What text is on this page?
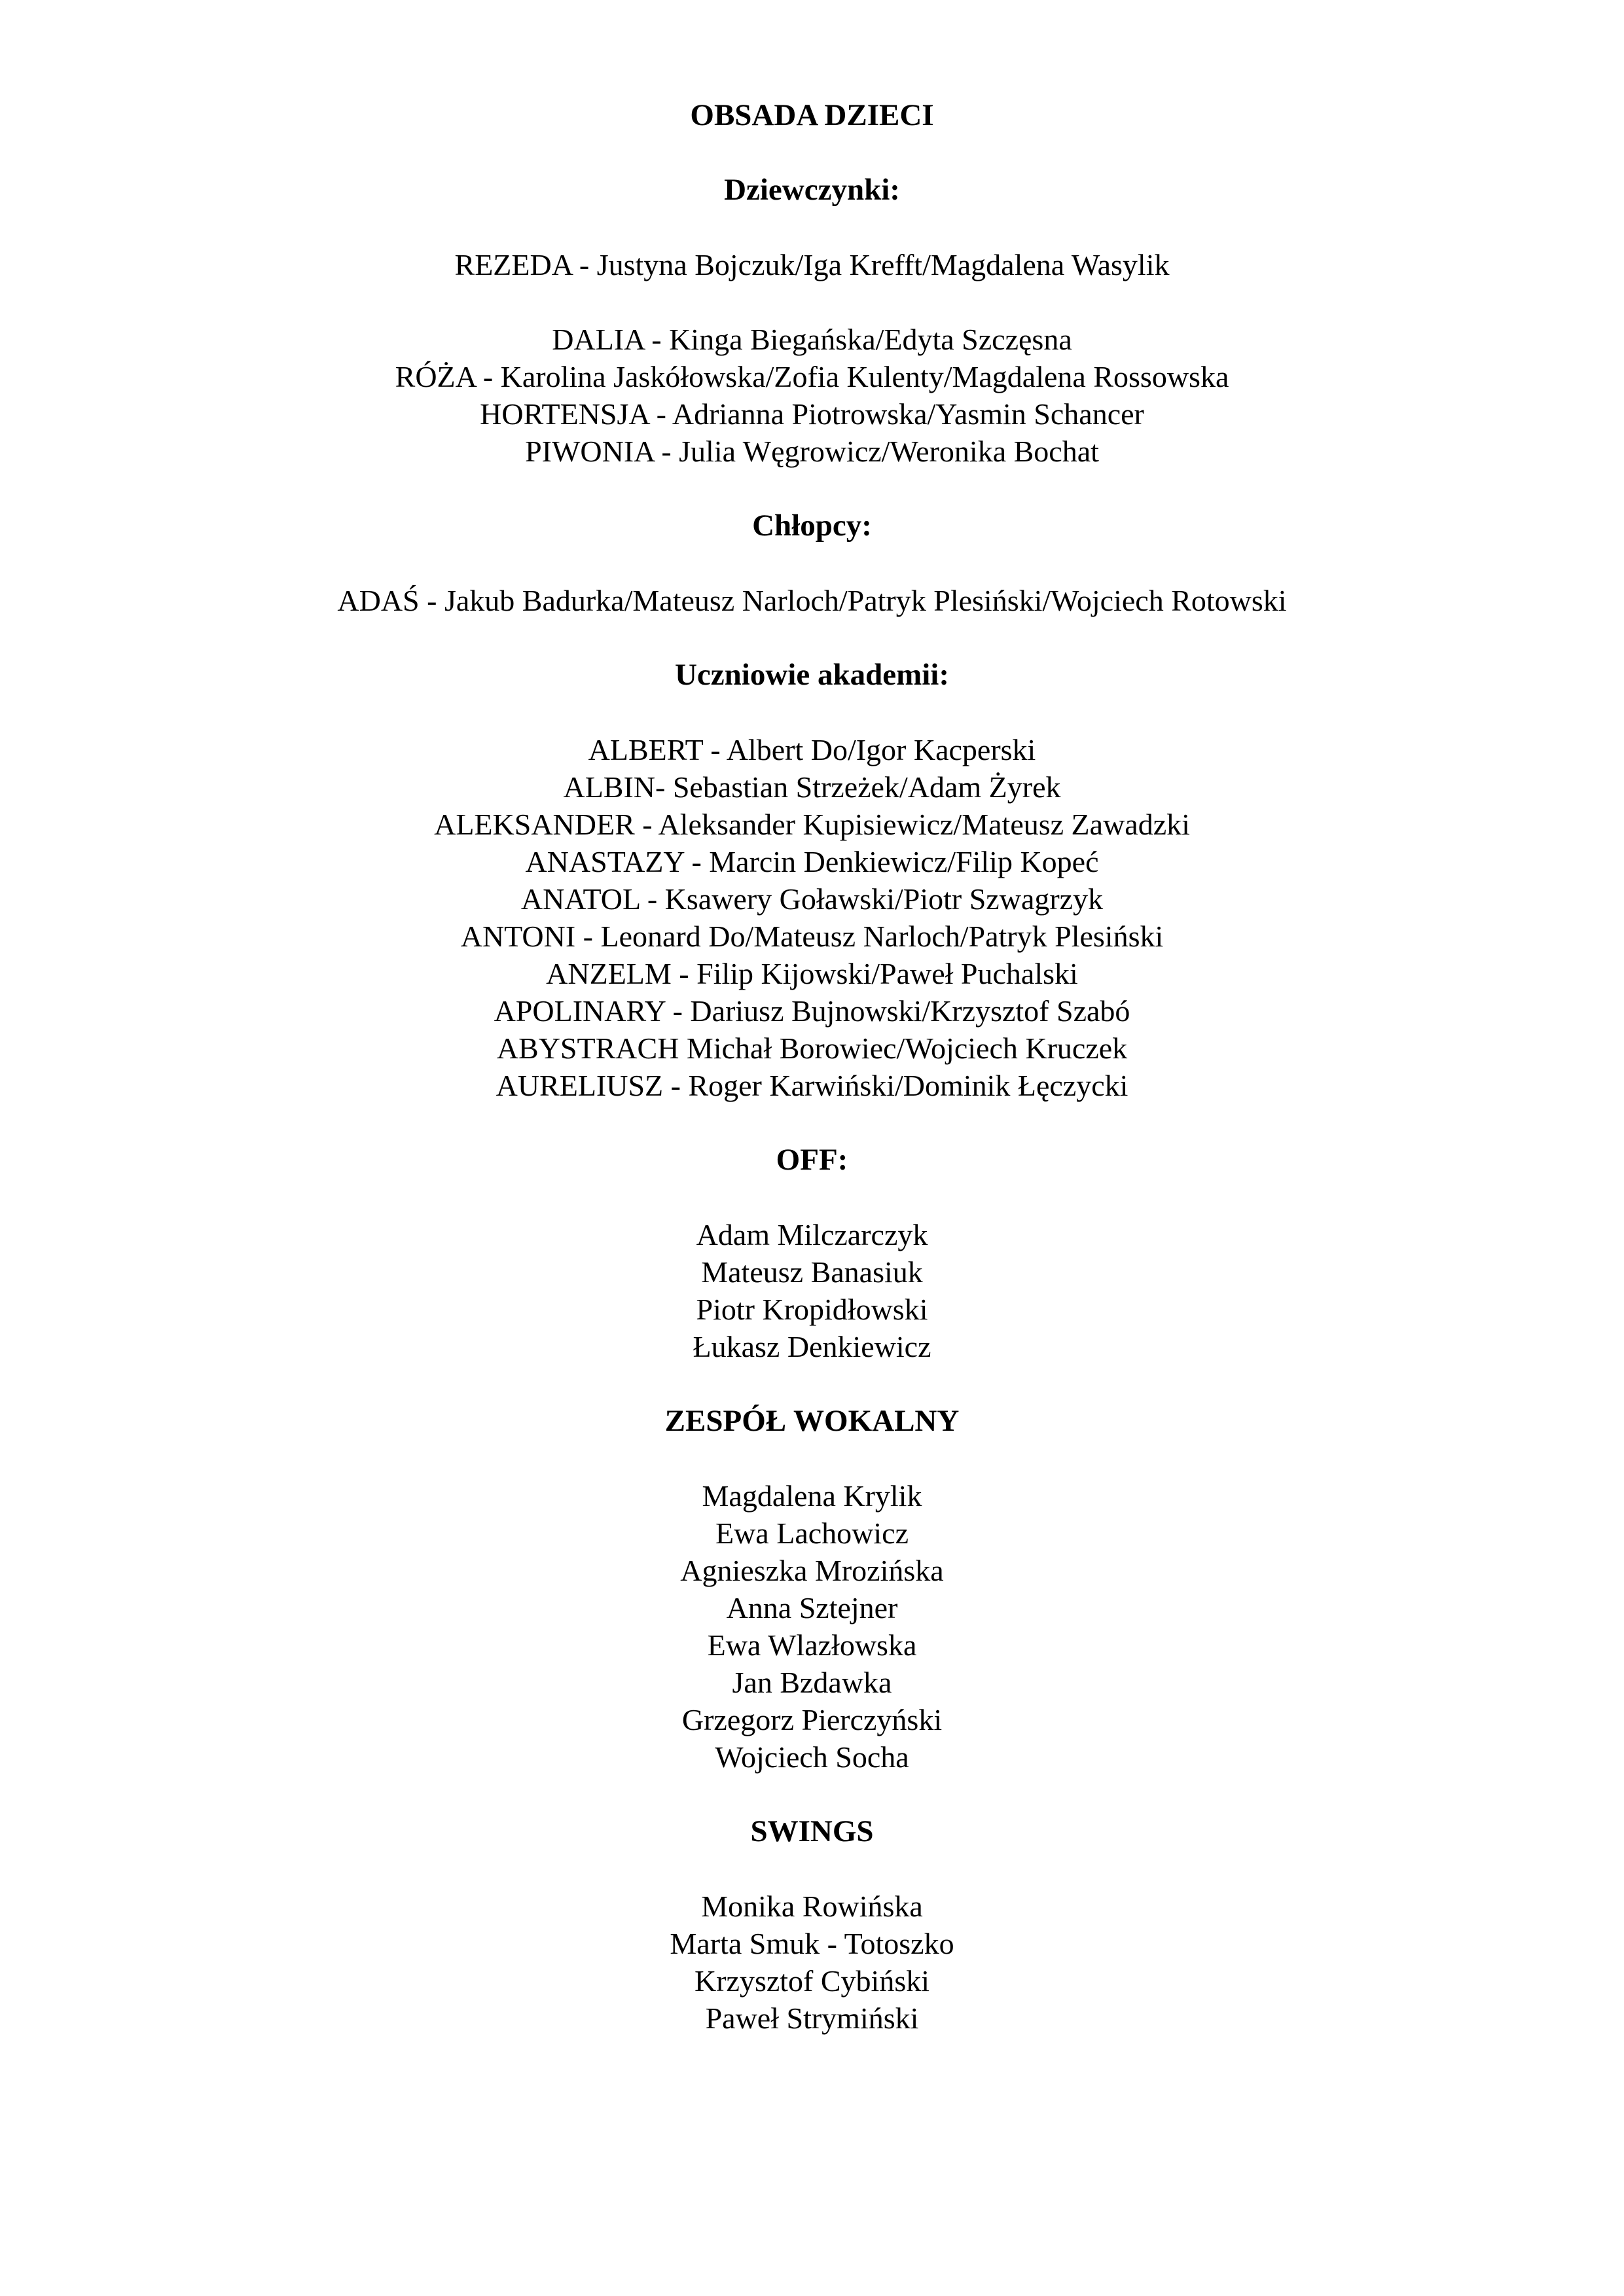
OBSADA DZIECI
Dziewczynki:
REZEDA - Justyna Bojczuk/Iga Krefft/Magdalena Wasylik
DALIA - Kinga Biegańska/Edyta Szczęsna
RÓŻA - Karolina Jaskółowska/Zofia Kulenty/Magdalena Rossowska
HORTENSJA - Adrianna Piotrowska/Yasmin Schancer
PIWONIA - Julia Węgrowicz/Weronika Bochat
Chłopcy:
ADAŚ - Jakub Badurka/Mateusz Narloch/Patryk Plesiński/Wojciech Rotowski
Uczniowie akademii:
ALBERT - Albert Do/Igor Kacperski
ALBIN- Sebastian Strzeżek/Adam Żyrek
ALEKSANDER - Aleksander Kupisiewicz/Mateusz Zawadzki
ANASTAZY - Marcin Denkiewicz/Filip Kopeć
ANATOL - Ksawery Goławski/Piotr Szwagrzyk
ANTONI - Leonard Do/Mateusz Narloch/Patryk Plesiński
ANZELM - Filip Kijowski/Paweł Puchalski
APOLINARY - Dariusz Bujnowski/Krzysztof Szabó
ABYSTRACH Michał Borowiec/Wojciech Kruczek
AURELIUSZ - Roger Karwiński/Dominik Łęczycki
OFF:
Adam Milczarczyk
Mateusz Banasiuk
Piotr Kropidłowski
Łukasz Denkiewicz
ZESPÓŁ WOKALNY
Magdalena Krylik
Ewa Lachowicz
Agnieszka Mrozińska
Anna Sztejner
Ewa Wlazłowska
Jan Bzdawka
Grzegorz Pierczyński
Wojciech Socha
SWINGS
Monika Rowińska
Marta Smuk - Totoszko
Krzysztof Cybiński
Paweł Strymiński
